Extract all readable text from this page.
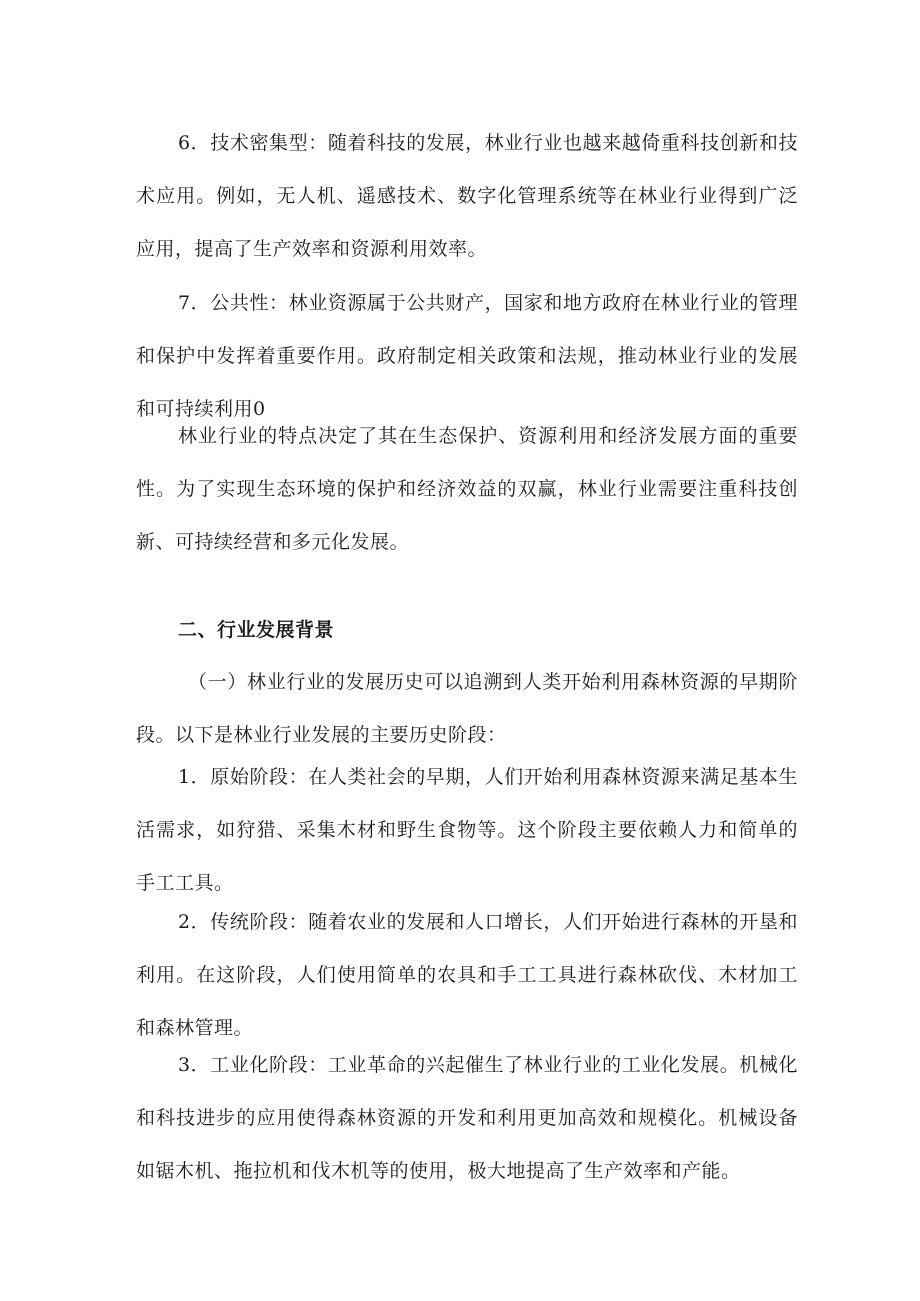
6．技术密集型：随着科技的发展，林业行业也越来越倚重科技创新和技术应用。例如，无人机、遥感技术、数字化管理系统等在林业行业得到广泛应用，提高了生产效率和资源利用效率。

7．公共性：林业资源属于公共财产，国家和地方政府在林业行业的管理和保护中发挥着重要作用。政府制定相关政策和法规，推动林业行业的发展和可持续利用0

林业行业的特点决定了其在生态保护、资源利用和经济发展方面的重要性。为了实现生态环境的保护和经济效益的双赢，林业行业需要注重科技创新、可持续经营和多元化发展。

二、行业发展背景

（一）林业行业的发展历史可以追溯到人类开始利用森林资源的早期阶段。以下是林业行业发展的主要历史阶段：

1．原始阶段：在人类社会的早期，人们开始利用森林资源来满足基本生活需求，如狩猎、采集木材和野生食物等。这个阶段主要依赖人力和简单的手工工具。

2．传统阶段：随着农业的发展和人口增长，人们开始进行森林的开垦和利用。在这阶段，人们使用简单的农具和手工工具进行森林砍伐、木材加工和森林管理。

3．工业化阶段：工业革命的兴起催生了林业行业的工业化发展。机械化和科技进步的应用使得森林资源的开发和利用更加高效和规模化。机械设备如锯木机、拖拉机和伐木机等的使用，极大地提高了生产效率和产能。
